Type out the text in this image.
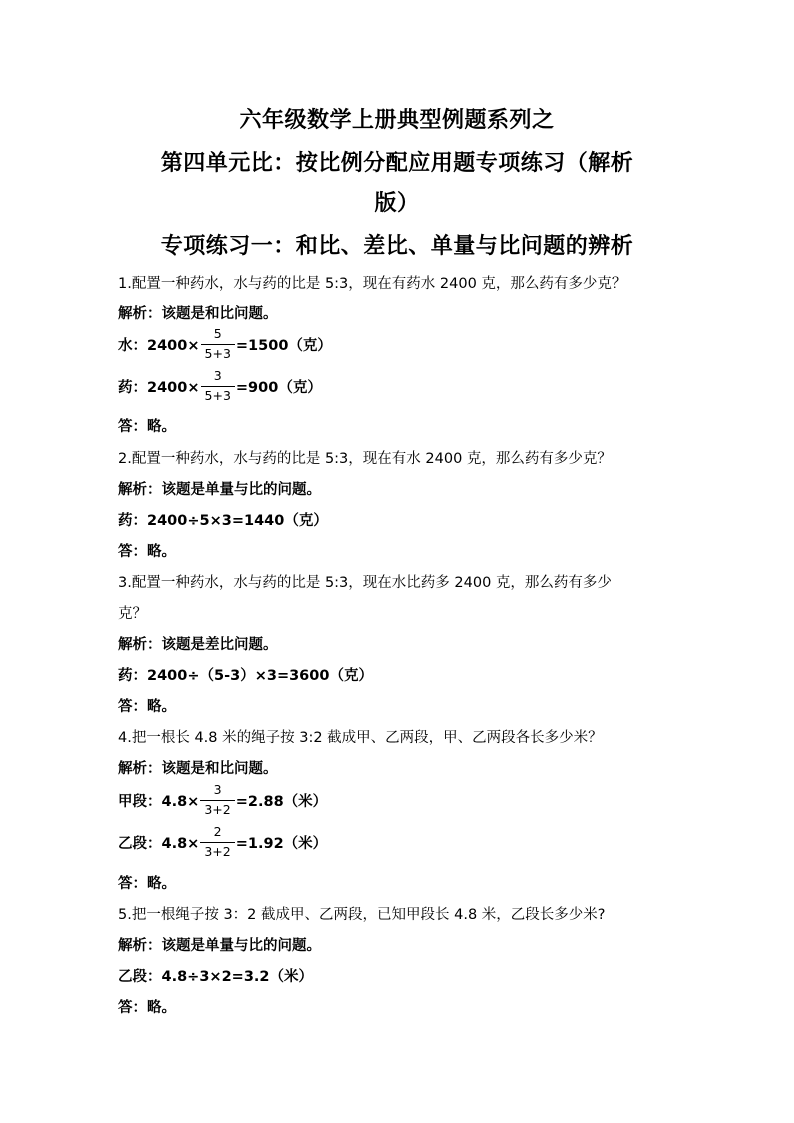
六年级数学上册典型例题系列之
第四单元比：按比例分配应用题专项练习（解析
版）
专项练习一：和比、差比、单量与比问题的辨析
1.配置一种药水，水与药的比是 5:3，现在有药水 2400 克，那么药有多少克？
解析：该题是和比问题。
水：$2400\times \frac{5}{5+3} =1500$（克）
药：$2400\times \frac{3}{5+3} =900$（克）
答：略。
2.配置一种药水，水与药的比是 5:3，现在有水 2400 克，那么药有多少克？
解析：该题是单量与比的问题。
药：2400÷5×3=1440（克）
答：略。
3.配置一种药水，水与药的比是 5:3，现在水比药多 2400 克，那么药有多少
克？
解析：该题是差比问题。
药：2400÷（5-3）×3=3600（克）
答：略。
4.把一根长 4.8 米的绳子按 3:2 截成甲、乙两段，甲、乙两段各长多少米？
解析：该题是和比问题。
甲段：$4.8\times \frac{3}{3+2} =2.88$（米）
乙段：$4.8\times \frac{2}{3+2} =1.92$（米）
答：略。
5.把一根绳子按 3：2 截成甲、乙两段，已知甲段长 4.8 米，乙段长多少米?
解析：该题是单量与比的问题。
乙段：4.8÷3×2=3.2（米）
答：略。
